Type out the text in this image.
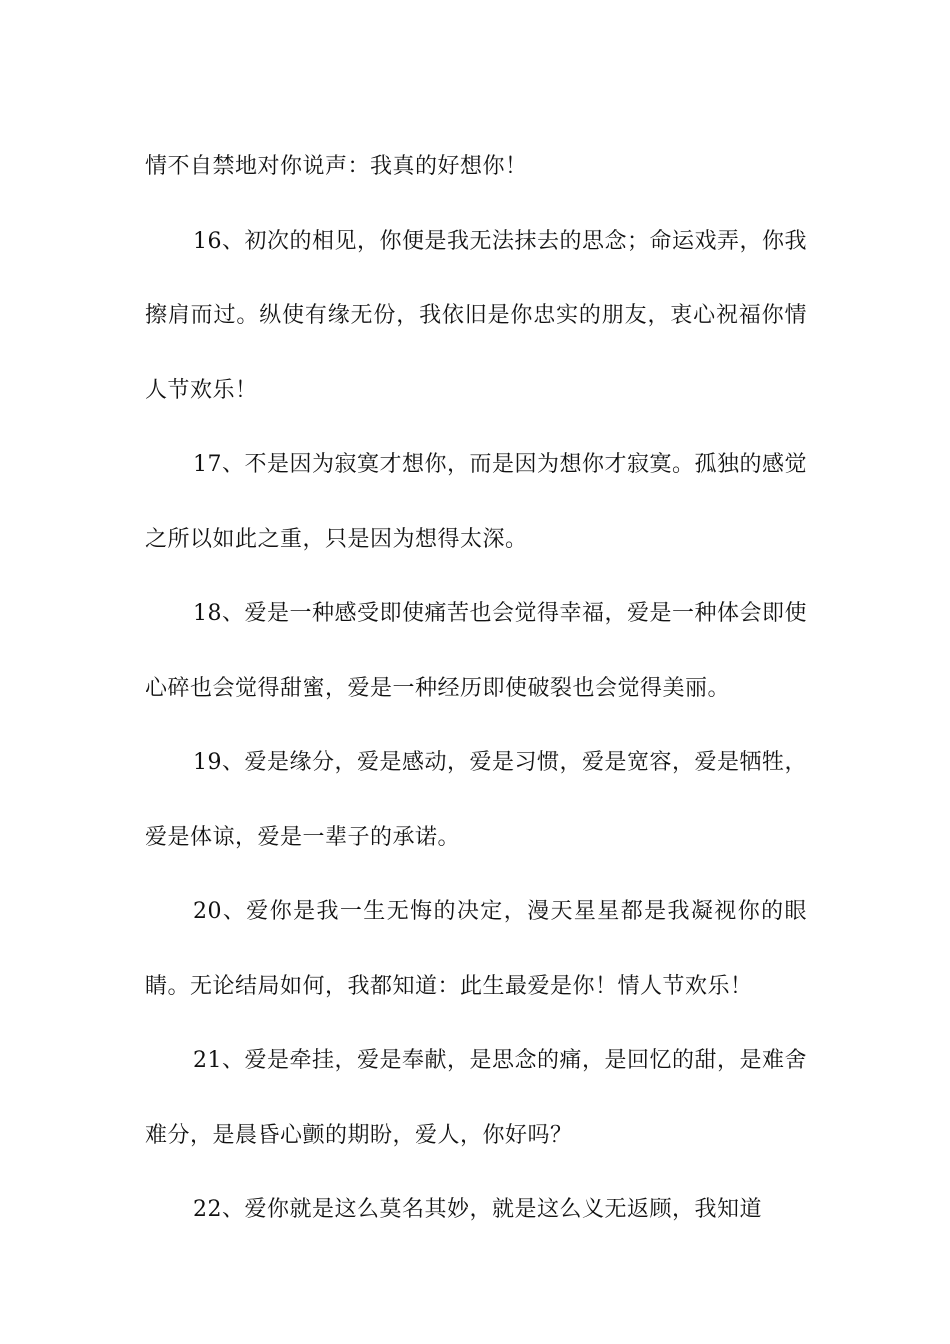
情不自禁地对你说声：我真的好想你！

16、初次的相见，你便是我无法抹去的思念；命运戏弄，你我擦肩而过。纵使有缘无份，我依旧是你忠实的朋友，衷心祝福你情人节欢乐！

17、不是因为寂寞才想你，而是因为想你才寂寞。孤独的感觉之所以如此之重，只是因为想得太深。

18、爱是一种感受即使痛苦也会觉得幸福，爱是一种体会即使心碎也会觉得甜蜜，爱是一种经历即使破裂也会觉得美丽。

19、爱是缘分，爱是感动，爱是习惯，爱是宽容，爱是牺牲，爱是体谅，爱是一辈子的承诺。

20、爱你是我一生无悔的决定，漫天星星都是我凝视你的眼睛。无论结局如何，我都知道：此生最爱是你！情人节欢乐！

21、爱是牵挂，爱是奉献，是思念的痛，是回忆的甜，是难舍难分，是晨昏心颤的期盼，爱人，你好吗？

22、爱你就是这么莫名其妙，就是这么义无返顾，我知道
